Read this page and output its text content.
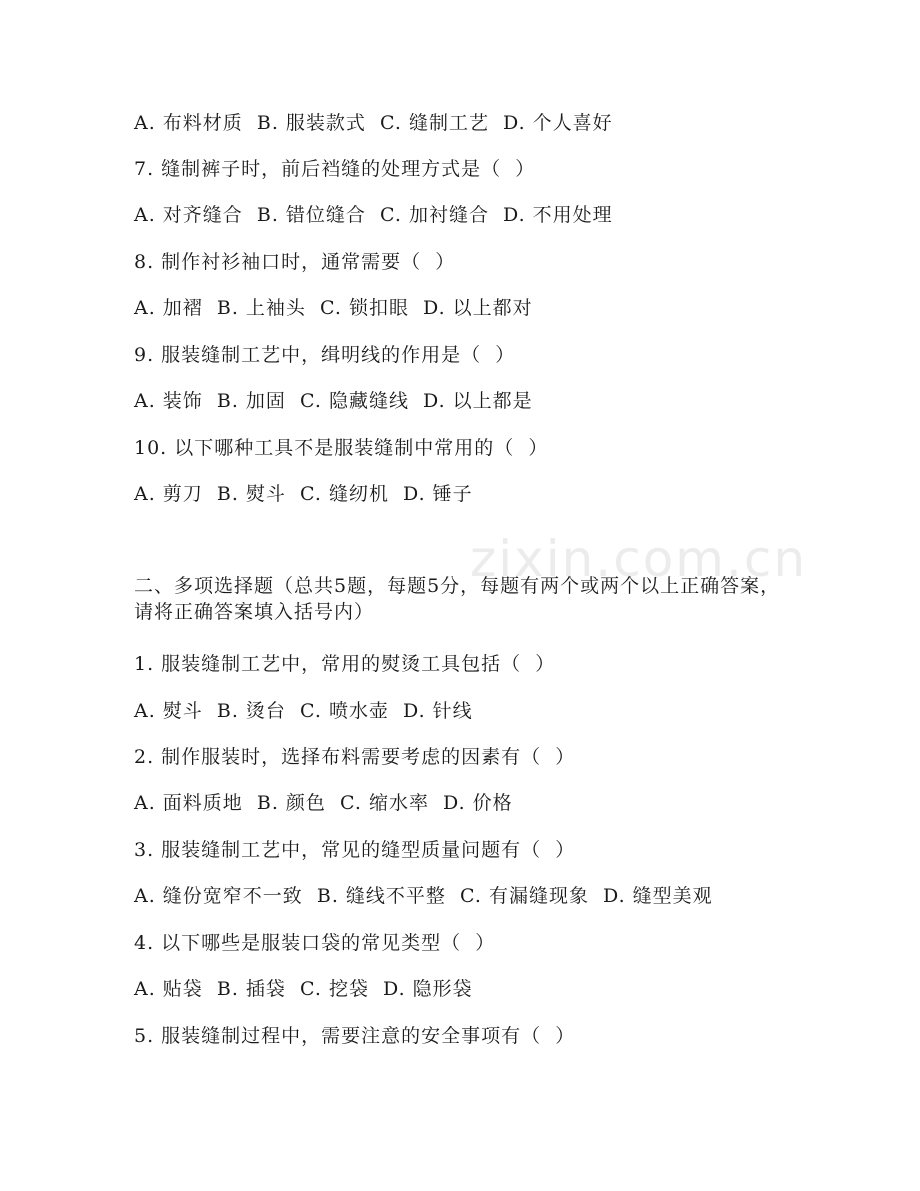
zixin.com.cn
A. 布料材质  B. 服装款式  C. 缝制工艺  D. 个人喜好
7. 缝制裤子时，前后裆缝的处理方式是（  ）
A. 对齐缝合  B. 错位缝合  C. 加衬缝合  D. 不用处理
8. 制作衬衫袖口时，通常需要（  ）
A. 加褶  B. 上袖头  C. 锁扣眼  D. 以上都对
9. 服装缝制工艺中，缉明线的作用是（  ）
A. 装饰  B. 加固  C. 隐藏缝线  D. 以上都是
10. 以下哪种工具不是服装缝制中常用的（  ）
A. 剪刀  B. 熨斗  C. 缝纫机  D. 锤子
二、多项选择题（总共5题，每题5分，每题有两个或两个以上正确答案，请将正确答案填入括号内）
1. 服装缝制工艺中，常用的熨烫工具包括（  ）
A. 熨斗  B. 烫台  C. 喷水壶  D. 针线
2. 制作服装时，选择布料需要考虑的因素有（  ）
A. 面料质地  B. 颜色  C. 缩水率  D. 价格
3. 服装缝制工艺中，常见的缝型质量问题有（  ）
A. 缝份宽窄不一致  B. 缝线不平整  C. 有漏缝现象  D. 缝型美观
4. 以下哪些是服装口袋的常见类型（  ）
A. 贴袋  B. 插袋  C. 挖袋  D. 隐形袋
5. 服装缝制过程中，需要注意的安全事项有（  ）
